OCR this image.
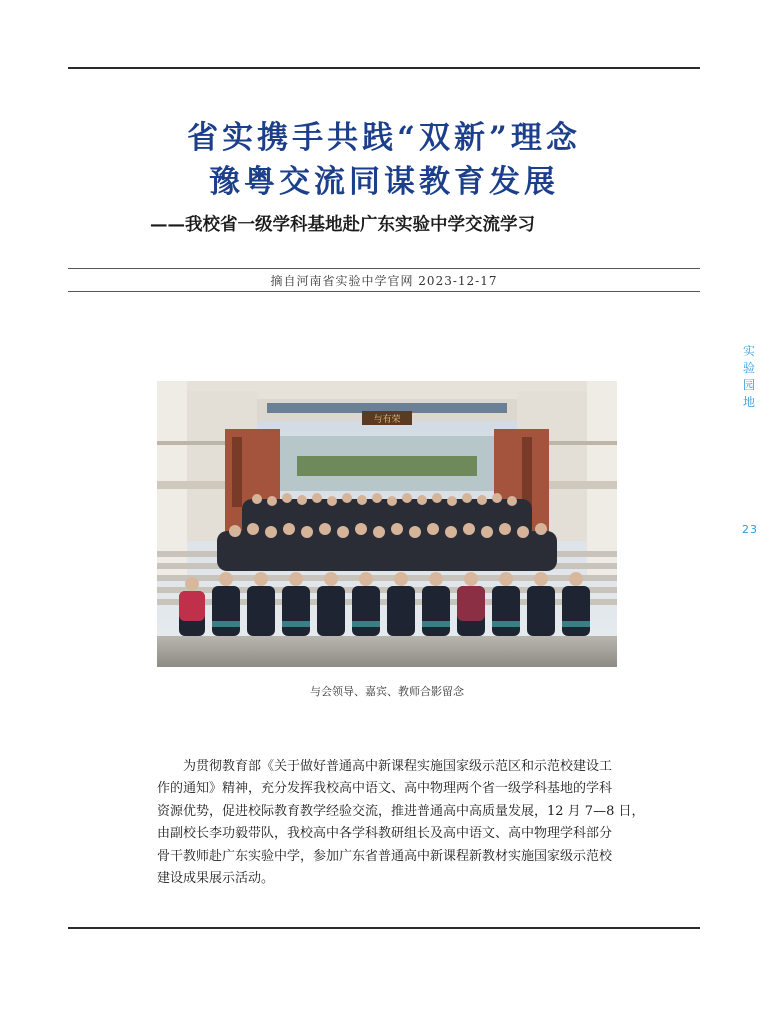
省实携手共践“双新”理念
豫粤交流同谋教育发展
——我校省一级学科基地赴广东实验中学交流学习
摘自河南省实验中学官网 2023-12-17
实
验
园
地
23
与有荣
与会领导、嘉宾、教师合影留念
为贯彻教育部《关于做好普通高中新课程实施国家级示范区和示范校建设工
作的通知》精神，充分发挥我校高中语文、高中物理两个省一级学科基地的学科
资源优势，促进校际教育教学经验交流，推进普通高中高质量发展，12 月 7—8 日，
由副校长李功毅带队，我校高中各学科教研组长及高中语文、高中物理学科部分
骨干教师赴广东实验中学，参加广东省普通高中新课程新教材实施国家级示范校
建设成果展示活动。
